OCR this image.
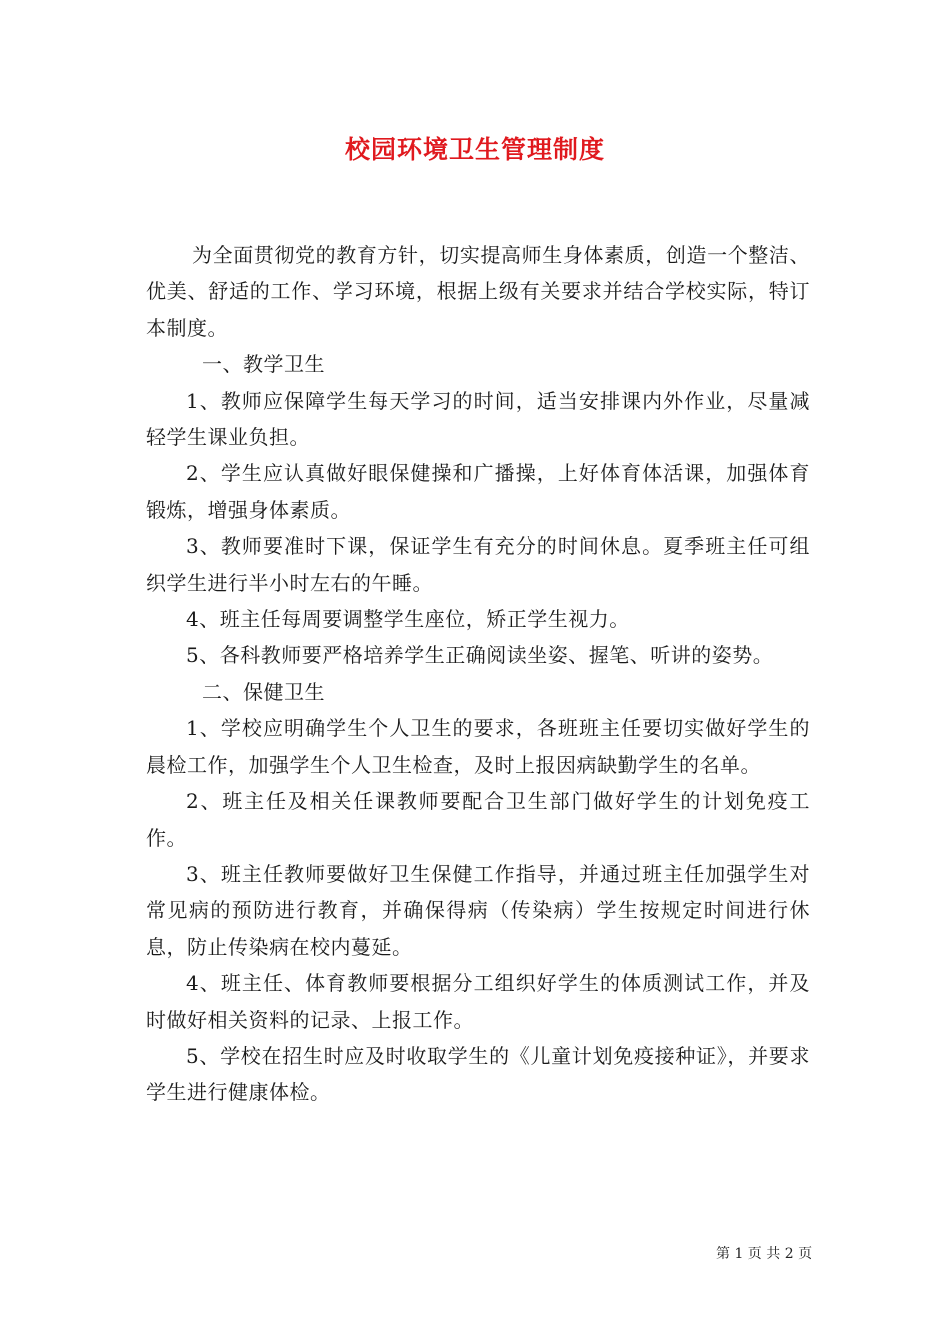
校园环境卫生管理制度

为全面贯彻党的教育方针，切实提高师生身体素质，创造一个整洁、优美、舒适的工作、学习环境，根据上级有关要求并结合学校实际，特订本制度。

一、教学卫生

1、教师应保障学生每天学习的时间，适当安排课内外作业，尽量减轻学生课业负担。

2、学生应认真做好眼保健操和广播操，上好体育体活课，加强体育锻炼，增强身体素质。

3、教师要准时下课，保证学生有充分的时间休息。夏季班主任可组织学生进行半小时左右的午睡。

4、班主任每周要调整学生座位，矫正学生视力。

5、各科教师要严格培养学生正确阅读坐姿、握笔、听讲的姿势。

二、保健卫生

1、学校应明确学生个人卫生的要求，各班班主任要切实做好学生的晨检工作，加强学生个人卫生检查，及时上报因病缺勤学生的名单。

2、班主任及相关任课教师要配合卫生部门做好学生的计划免疫工作。

3、班主任教师要做好卫生保健工作指导，并通过班主任加强学生对常见病的预防进行教育，并确保得病（传染病）学生按规定时间进行休息，防止传染病在校内蔓延。

4、班主任、体育教师要根据分工组织好学生的体质测试工作，并及时做好相关资料的记录、上报工作。

5、学校在招生时应及时收取学生的《儿童计划免疫接种证》，并要求学生进行健康体检。

第 1 页 共 2 页
